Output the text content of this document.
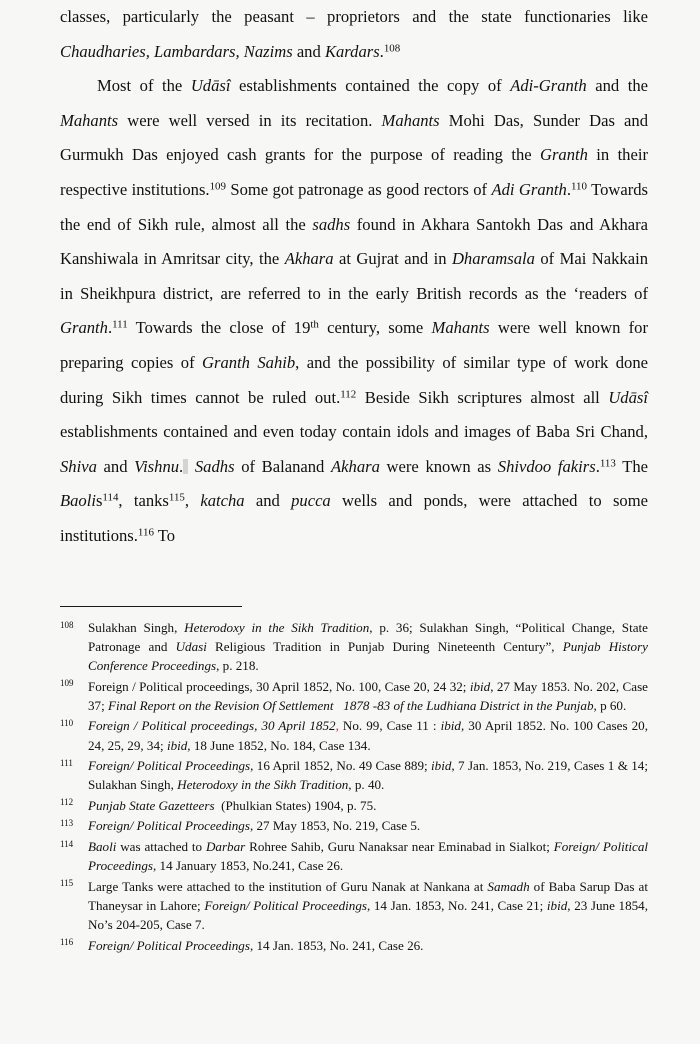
classes, particularly the peasant – proprietors and the state functionaries like Chaudharies, Lambardars, Nazims and Kardars.$^{108}$

Most of the Udāsî establishments contained the copy of Adi-Granth and the Mahants were well versed in its recitation. Mahants Mohi Das, Sunder Das and Gurmukh Das enjoyed cash grants for the purpose of reading the Granth in their respective institutions.$^{109}$ Some got patronage as good rectors of Adi Granth.$^{110}$ Towards the end of Sikh rule, almost all the sadhs found in Akhara Santokh Das and Akhara Kanshiwala in Amritsar city, the Akhara at Gujrat and in Dharamsala of Mai Nakkain in Sheikhpura district, are referred to in the early British records as the ‘readers of Granth.$^{111}$ Towards the close of 19th century, some Mahants were well known for preparing copies of Granth Sahib, and the possibility of similar type of work done during Sikh times cannot be ruled out.$^{112}$ Beside Sikh scriptures almost all Udāsî establishments contained and even today contain idols and images of Baba Sri Chand, Shiva and Vishnu. Sadhs of Balanand Akhara were known as Shivdoo fakirs.$^{113}$ The Baolis$^{114}$, tanks$^{115}$, katcha and pucca wells and ponds, were attached to some institutions.$^{116}$ To

108 Sulakhan Singh, Heterodoxy in the Sikh Tradition, p. 36; Sulakhan Singh, “Political Change, State Patronage and Udasi Religious Tradition in Punjab During Nineteenth Century”, Punjab History Conference Proceedings, p. 218.

109 Foreign / Political proceedings, 30 April 1852, No. 100, Case 20, 24 32; ibid, 27 May 1853. No. 202, Case 37; Final Report on the Revision Of Settlement   1878 -83 of the Ludhiana District in the Punjab, p 60.

110 Foreign / Political proceedings, 30 April 1852, No. 99, Case 11 : ibid, 30 April 1852. No. 100 Cases 20, 24, 25, 29, 34; ibid, 18 June 1852, No. 184, Case 134.

111 Foreign/ Political Proceedings, 16 April 1852, No. 49 Case 889; ibid, 7 Jan. 1853, No. 219, Cases 1 & 14; Sulakhan Singh, Heterodoxy in the Sikh Tradition, p. 40.

112 Punjab State Gazetteers  (Phulkian States) 1904, p. 75.

113 Foreign/ Political Proceedings, 27 May 1853, No. 219, Case 5.

114 Baoli was attached to Darbar Rohree Sahib, Guru Nanaksar near Eminabad in Sialkot; Foreign/ Political Proceedings, 14 January 1853, No.241, Case 26.

115 Large Tanks were attached to the institution of Guru Nanak at Nankana at Samadh of Baba Sarup Das at Thaneysar in Lahore; Foreign/ Political Proceedings, 14 Jan. 1853, No. 241, Case 21; ibid, 23 June 1854, No’s 204-205, Case 7.

116 Foreign/ Political Proceedings, 14 Jan. 1853, No. 241, Case 26.
